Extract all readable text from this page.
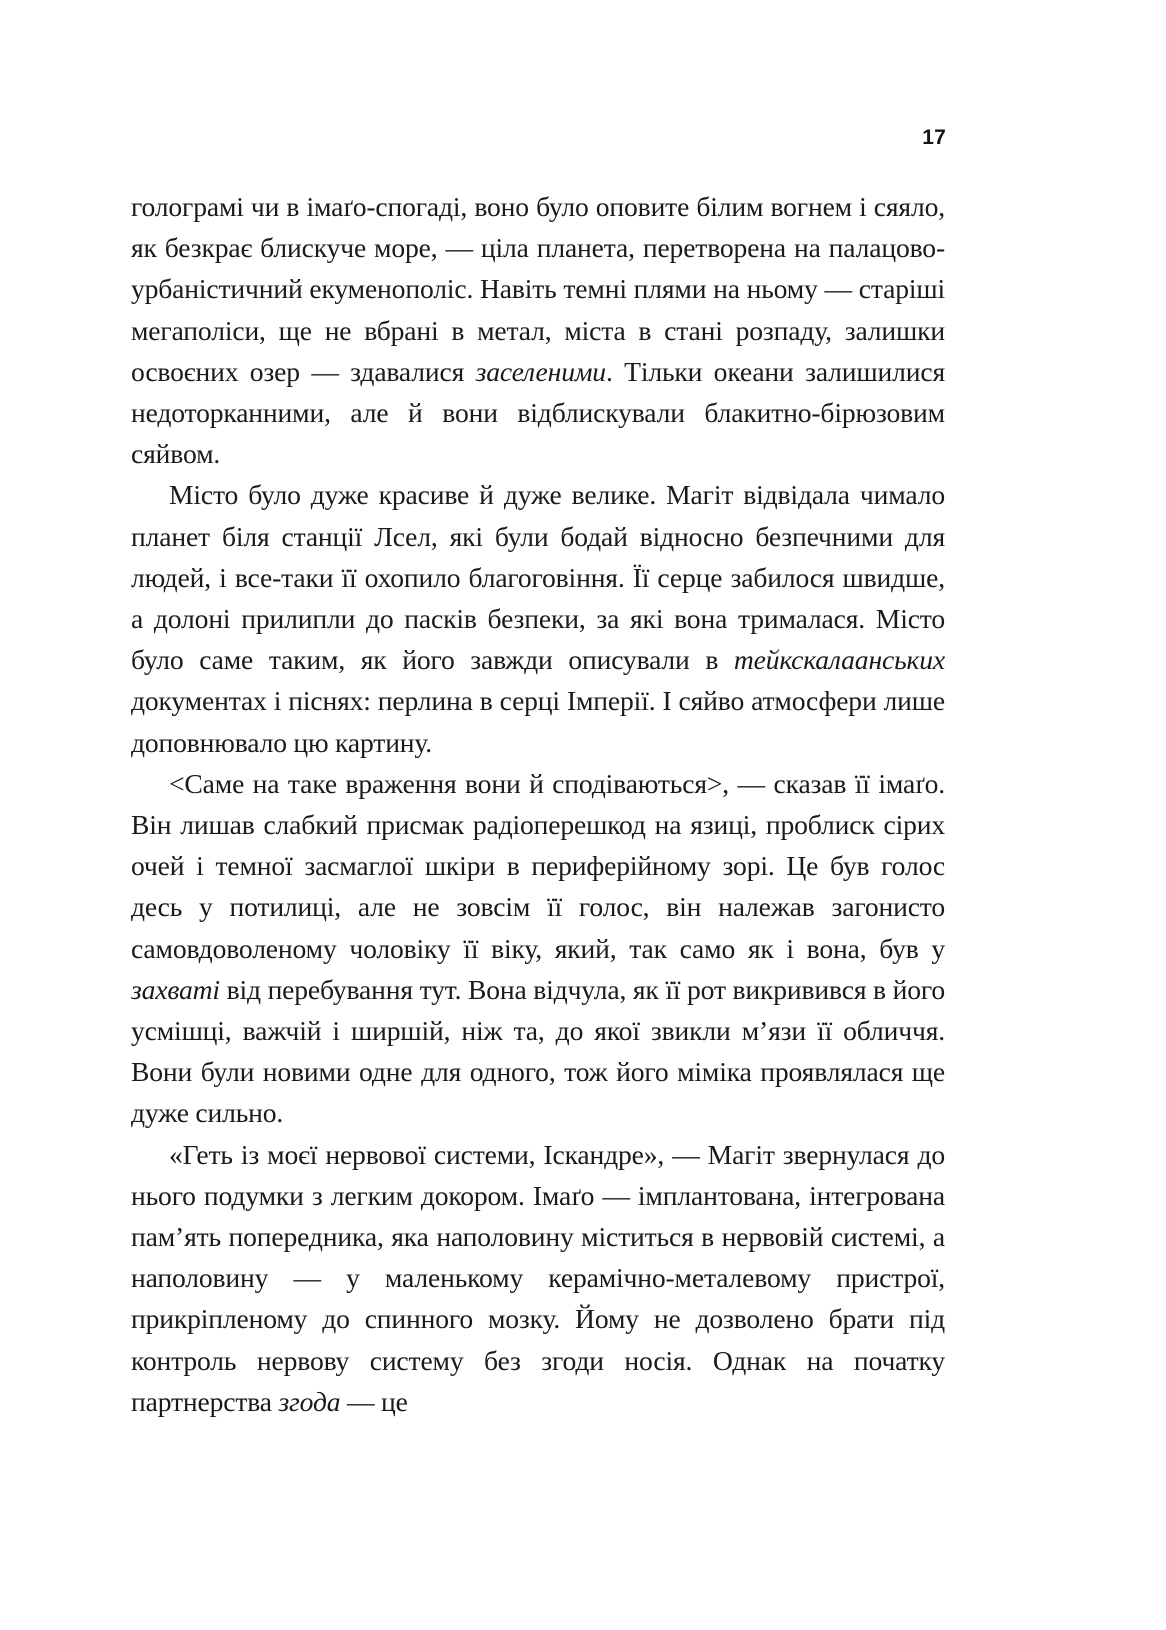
17

голограмі чи в імаґо-спогаді, воно було оповите білим вогнем і сяяло, як безкрає блискуче море, — ціла планета, перетворена на палацово-урбаністичний екуменополіс. Навіть темні плями на ньому — старіші мегаполіси, ще не вбрані в метал, міста в стані розпаду, залишки освоєних озер — здавалися заселеними. Тільки океани залишилися недоторканними, але й вони відблискували блакитно-бірюзовим сяйвом.

Місто було дуже красиве й дуже велике. Магіт відвідала чимало планет біля станції Лсел, які були бодай відносно безпечними для людей, і все-таки її охопило благоговіння. Її серце забилося швидше, а долоні прилипли до пасків безпеки, за які вона трималася. Місто було саме таким, як його завжди описували в тейкскалаанських документах і піснях: перлина в серці Імперії. І сяйво атмосфери лише доповнювало цю картину.

<Саме на таке враження вони й сподіваються>, — сказав її імаґо. Він лишав слабкий присмак радіоперешкод на язиці, проблиск сірих очей і темної засмаглої шкіри в периферійному зорі. Це був голос десь у потилиці, але не зовсім її голос, він належав загонисто самовдоволеному чоловіку її віку, який, так само як і вона, був у захваті від перебування тут. Вона відчула, як її рот викривився в його усмішці, важчій і ширшій, ніж та, до якої звикли м’язи її обличчя. Вони були новими одне для одного, тож його міміка проявлялася ще дуже сильно.

«Геть із моєї нервової системи, Іскандре», — Магіт звернулася до нього подумки з легким докором. Імаґо — імплантована, інтегрована пам’ять попередника, яка наполовину міститься в нервовій системі, а наполовину — у маленькому керамічно-металевому пристрої, прикріпленому до спинного мозку. Йому не дозволено брати під контроль нервову систему без згоди носія. Однак на початку партнерства згода — це
